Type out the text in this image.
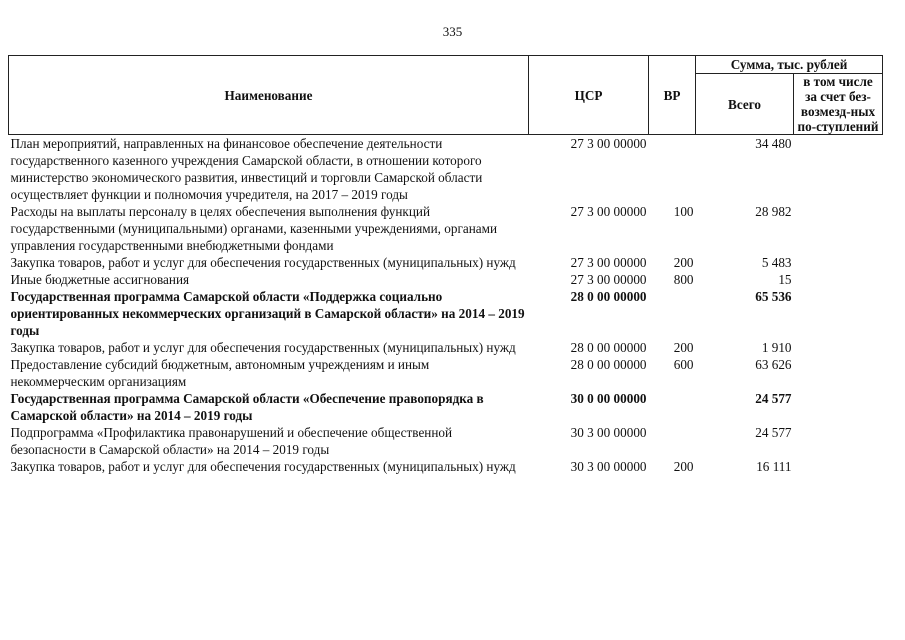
335
Наименование	ЦСР	ВР	Сумма, тыс. рублей	
			Всего	в том числе за счет без-возмезд-ных по-ступлений
План мероприятий, направленных на финансовое обеспечение деятельности государственного казенного учреждения Самарской области, в отношении которого министерство экономического развития, инвестиций и торговли Самарской области осуществляет функции и полномочия учредителя, на 2017 – 2019 годы	27 3 00 00000		34 480	
Расходы на выплаты персоналу в целях обеспечения выполнения функций государственными (муниципальными) органами, казенными учреждениями, органами управления государственными внебюджетными фондами	27 3 00 00000	100	28 982	
Закупка товаров, работ и услуг для обеспечения государственных (муниципальных) нужд	27 3 00 00000	200	5 483	
Иные бюджетные ассигнования	27 3 00 00000	800	15	
Государственная программа Самарской области «Поддержка социально ориентированных некоммерческих организаций в Самарской области» на 2014 – 2019 годы	28 0 00 00000		65 536	
Закупка товаров, работ и услуг для обеспечения государственных (муниципальных) нужд	28 0 00 00000	200	1 910	
Предоставление субсидий бюджетным, автономным учреждениям и иным некоммерческим организациям	28 0 00 00000	600	63 626	
Государственная программа Самарской области «Обеспечение правопорядка в Самарской области» на 2014 – 2019 годы	30 0 00 00000		24 577	
Подпрограмма «Профилактика правонарушений и обеспечение общественной безопасности в Самарской области» на 2014 – 2019 годы	30 3 00 00000		24 577	
Закупка товаров, работ и услуг для обеспечения государственных (муниципальных) нужд	30 3 00 00000	200	16 111	
